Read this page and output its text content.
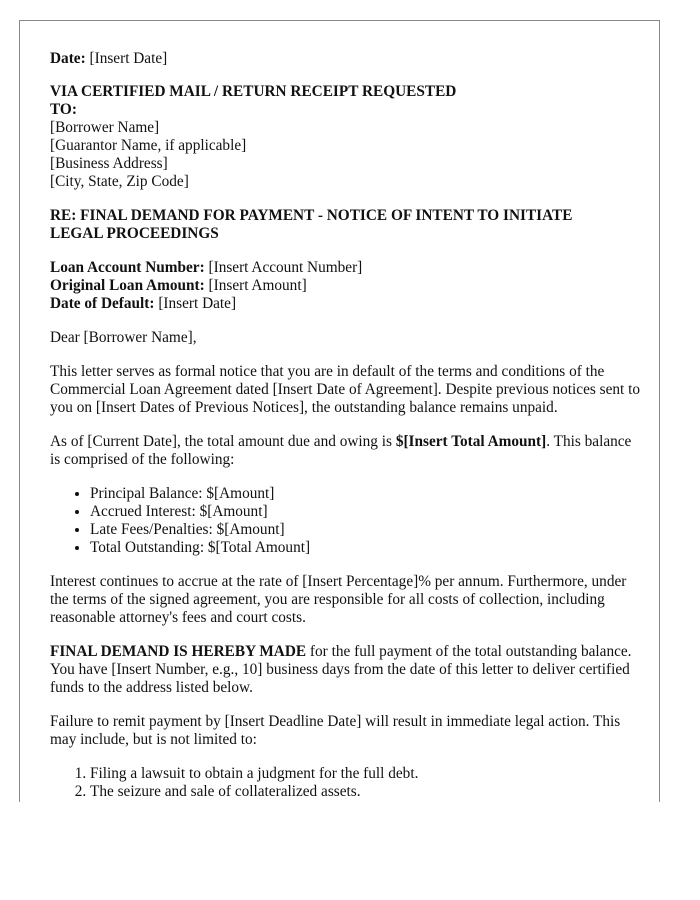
Date: [Insert Date]

VIA CERTIFIED MAIL / RETURN RECEIPT REQUESTED

TO:

[Borrower Name]

[Guarantor Name, if applicable]

[Business Address]

[City, State, Zip Code]

RE: FINAL DEMAND FOR PAYMENT - NOTICE OF INTENT TO INITIATE

LEGAL PROCEEDINGS

Loan Account Number: [Insert Account Number]

Original Loan Amount: [Insert Amount]

Date of Default: [Insert Date]

Dear [Borrower Name],

This letter serves as formal notice that you are in default of the terms and conditions of the Commercial Loan Agreement dated [Insert Date of Agreement]. Despite previous notices sent to you on [Insert Dates of Previous Notices], the outstanding balance remains unpaid.

As of [Current Date], the total amount due and owing is $[Insert Total Amount]. This balance is comprised of the following:

• Principal Balance: $[Amount]
• Accrued Interest: $[Amount]
• Late Fees/Penalties: $[Amount]
• Total Outstanding: $[Total Amount]

Interest continues to accrue at the rate of [Insert Percentage]% per annum. Furthermore, under the terms of the signed agreement, you are responsible for all costs of collection, including reasonable attorney's fees and court costs.

FINAL DEMAND IS HEREBY MADE for the full payment of the total outstanding balance. You have [Insert Number, e.g., 10] business days from the date of this letter to deliver certified funds to the address listed below.

Failure to remit payment by [Insert Deadline Date] will result in immediate legal action. This may include, but is not limited to:

1. Filing a lawsuit to obtain a judgment for the full debt.
2. The seizure and sale of collateralized assets.
